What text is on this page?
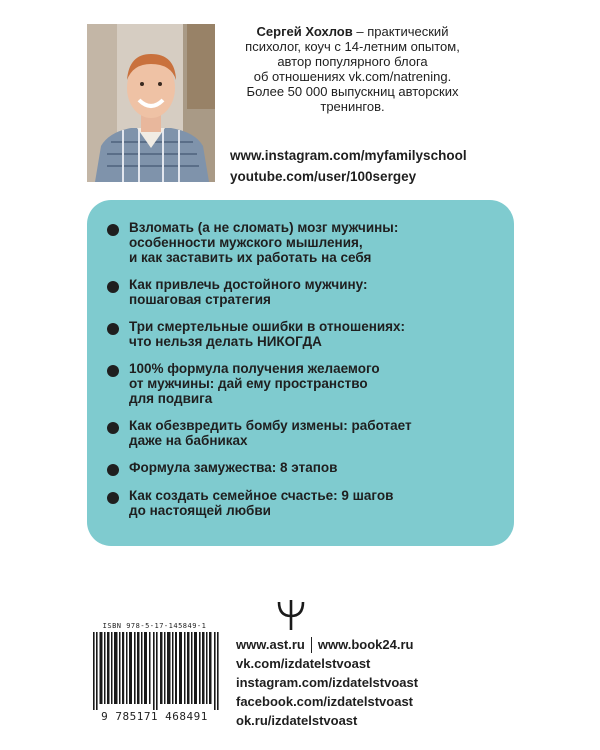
Сергей Хохлов – практический
психолог, коуч с 14-летним опытом,
автор популярного блога
об отношениях vk.com/natrening.
Более 50 000 выпускниц авторских
тренингов.
www.instagram.com/myfamilyschool
youtube.com/user/100sergey
Взломать (а не сломать) мозг мужчины:
особенности мужского мышления,
и как заставить их работать на себя
Как привлечь достойного мужчину:
пошаговая стратегия
Три смертельные ошибки в отношениях:
что нельзя делать НИКОГДА
100% формула получения желаемого
от мужчины: дай ему пространство
для подвига
Как обезвредить бомбу измены: работает
даже на бабниках
Формула замужества: 8 этапов
Как создать семейное счастье: 9 шагов
до настоящей любви
ISBN 978-5-17-145849-1
9 785171 468491
www.ast.ru www.book24.ru
vk.com/izdatelstvoast
instagram.com/izdatelstvoast
facebook.com/izdatelstvoast
ok.ru/izdatelstvoast
